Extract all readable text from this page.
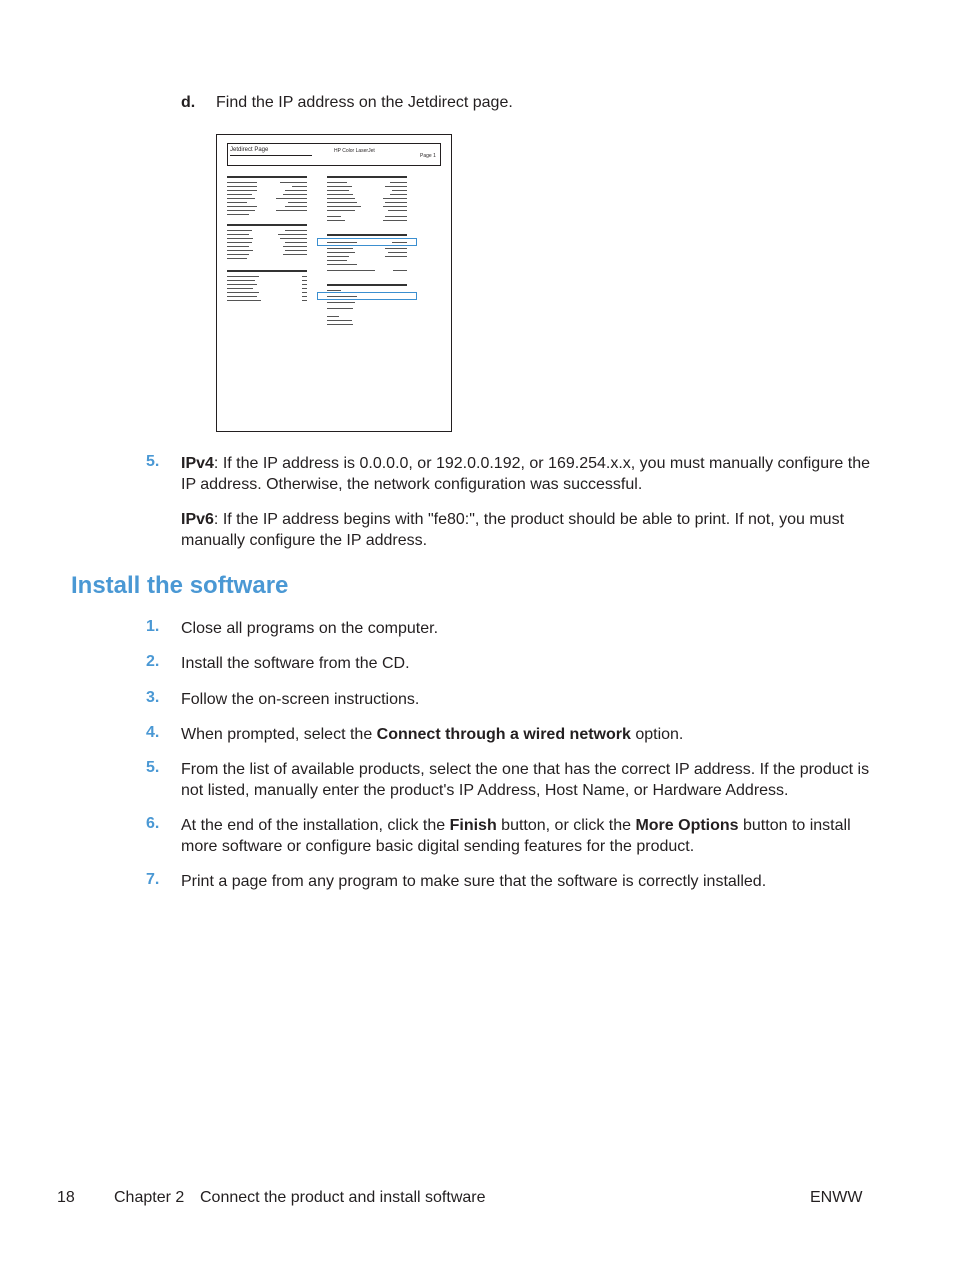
d. Find the IP address on the Jetdirect page.
Jetdirect Page	HP Color LaserJet
Page 1
5. IPv4: If the IP address is 0.0.0.0, or 192.0.0.192, or 169.254.x.x, you must manually configure the IP address. Otherwise, the network configuration was successful.
IPv6: If the IP address begins with "fe80:", the product should be able to print. If not, you must manually configure the IP address.
Install the software
1. Close all programs on the computer.
2. Install the software from the CD.
3. Follow the on-screen instructions.
4. When prompted, select the Connect through a wired network option.
5. From the list of available products, select the one that has the correct IP address. If the product is not listed, manually enter the product's IP Address, Host Name, or Hardware Address.
6. At the end of the installation, click the Finish button, or click the More Options button to install more software or configure basic digital sending features for the product.
7. Print a page from any program to make sure that the software is correctly installed.
18 Chapter 2 Connect the product and install software	ENWW
